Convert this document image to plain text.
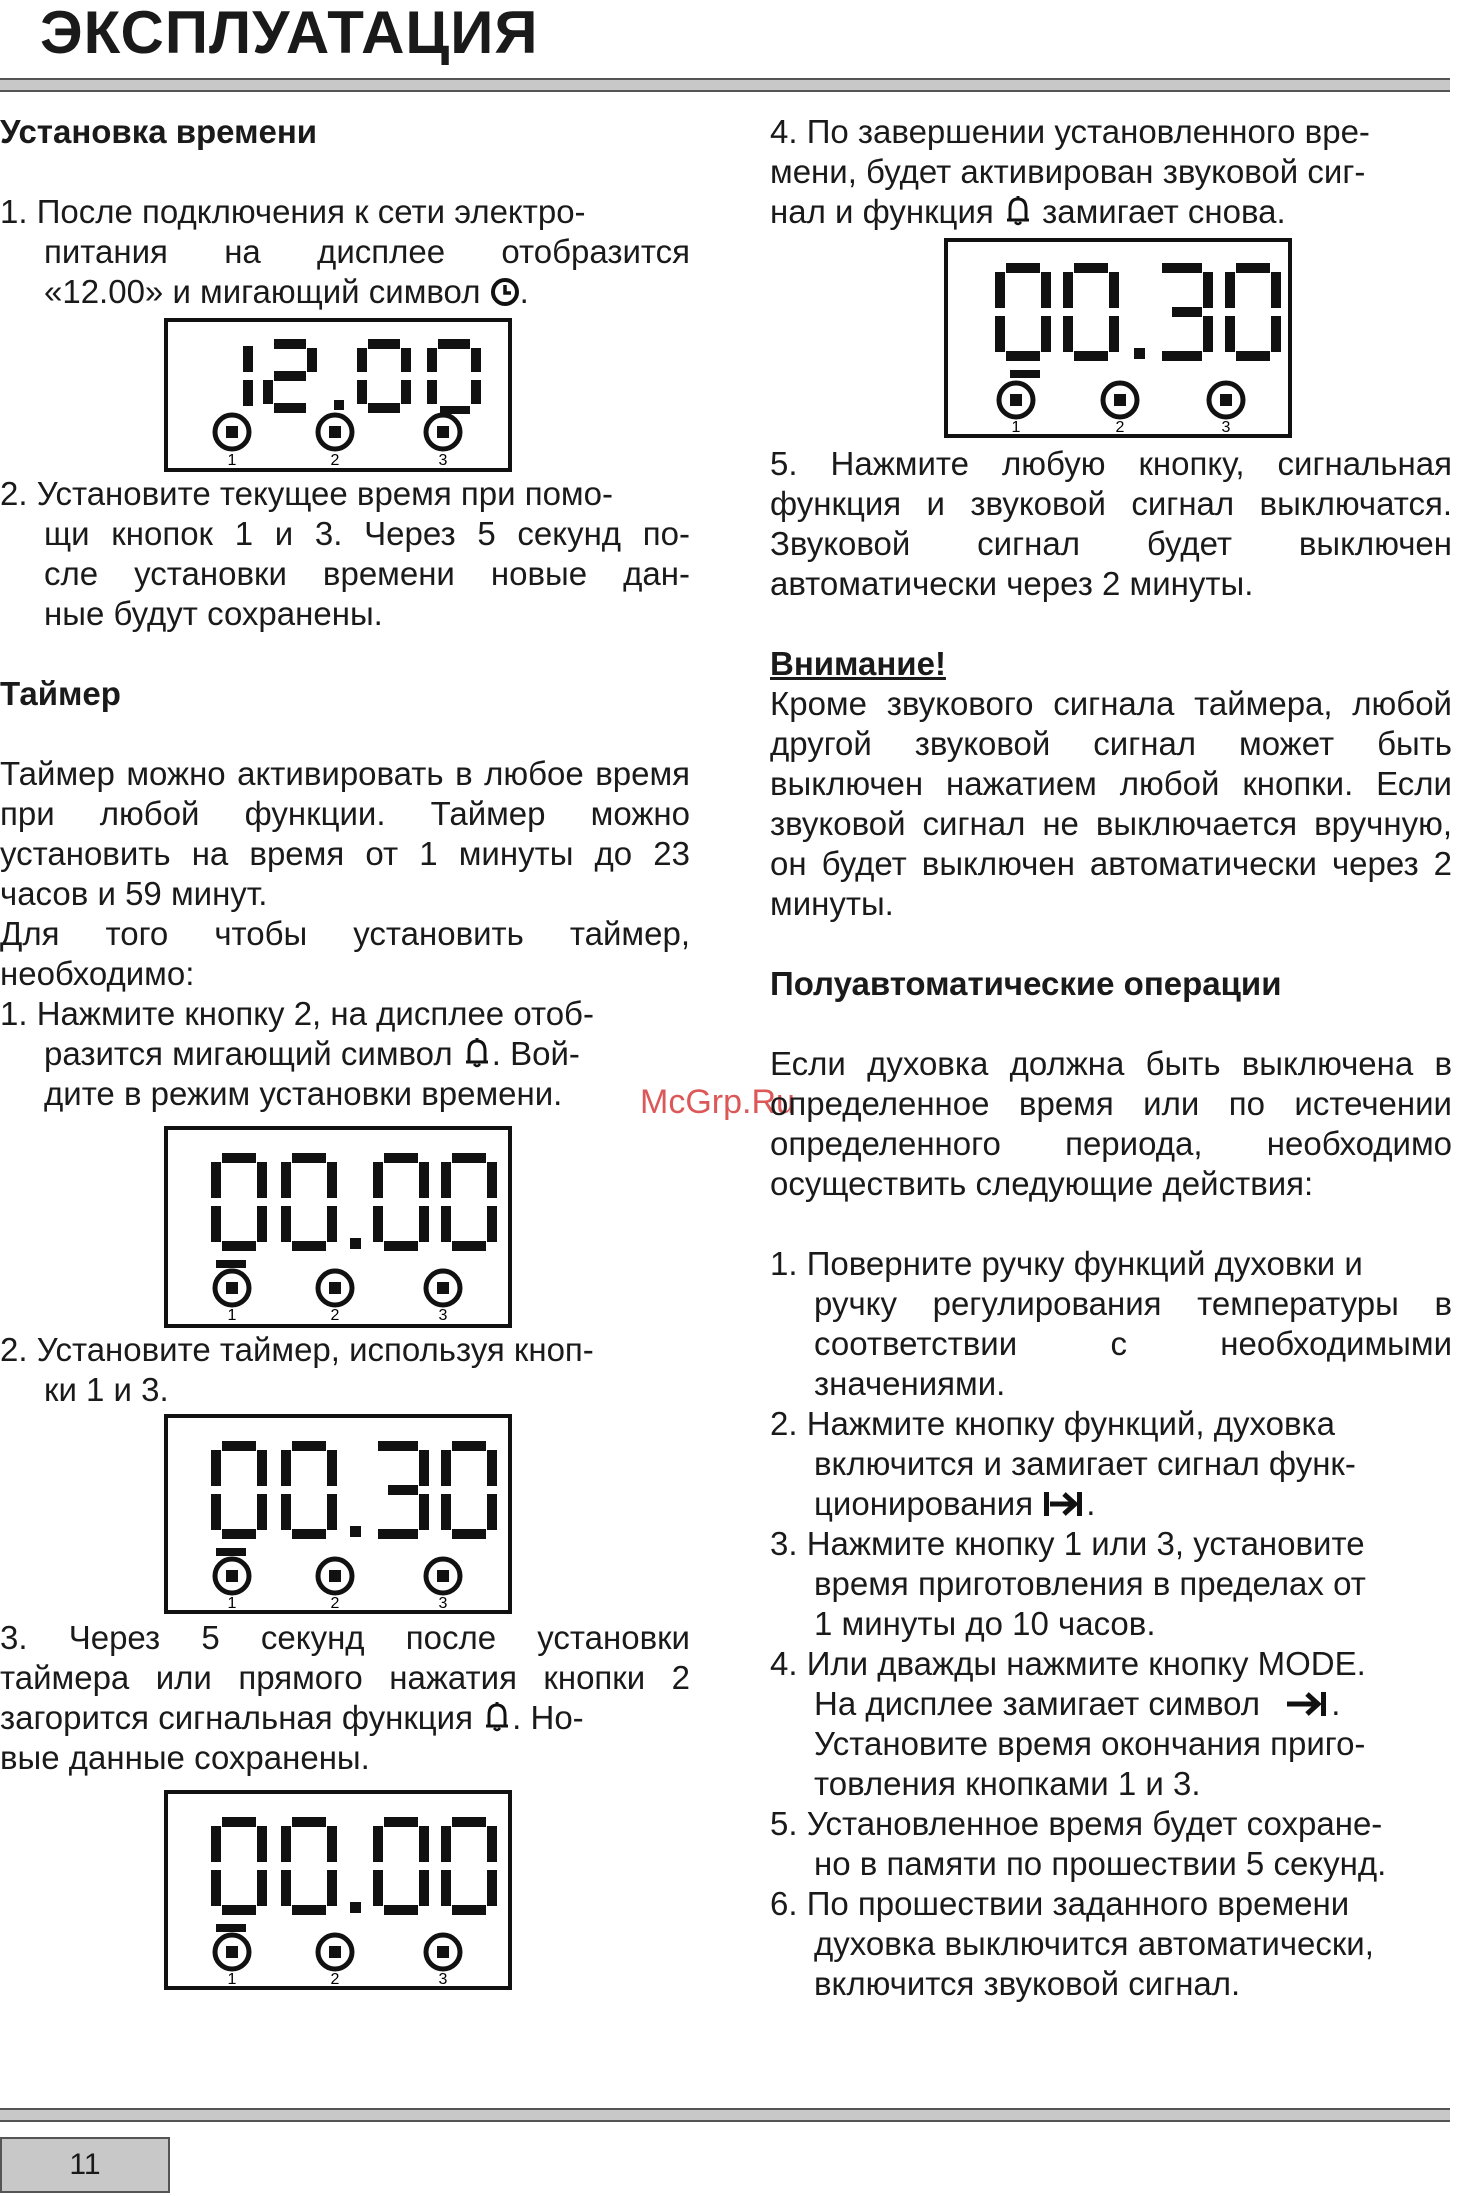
ЭКСПЛУАТАЦИЯ
McGrp.Ru

Установка времени

1. После подключения к сети электро-

питания на дисплее отобразится

«12.00» и мигающий символ .

1	2	3
12.00

2. Установите текущее время при помо-

щи кнопок 1 и 3. Через 5 секунд по-

сле установки времени новые дан-

ные будут сохранены.

Таймер

Таймер можно активировать в любое время при любой функции. Таймер можно установить на время от 1 минуты до 23 часов и 59 минут.

Для того чтобы установить таймер, необходимо:

1. Нажмите кнопку 2, на дисплее отоб-

разится мигающий символ . Вой-

дите в режим установки времени.

1	2	3
00.00

2. Установите таймер, используя кноп-

ки 1 и 3.

1	2	3
00.30

3. Через 5 секунд после установки

таймера или прямого нажатия кнопки 2

загорится сигнальная функция . Но-

вые данные сохранены.

1	2	3
00.00

4. По завершении установленного вре-

мени, будет активирован звуковой сиг-

нал и функция замигает снова.

1	2	3
00.30

5. Нажмите любую кнопку, сигнальная функция и звуковой сигнал выключатся. Звуковой сигнал будет выключен автоматически через 2 минуты.

Внимание!

Кроме звукового сигнала таймера, любой другой звуковой сигнал может быть выключен нажатием любой кнопки. Если звуковой сигнал не выключается вручную, он будет выключен автоматически через 2 минуты.

Полуавтоматические операции

Если духовка должна быть выключена в определенное время или по истечении определенного периода, необходимо осуществить следующие действия:

1. Поверните ручку функций духовки и

ручку регулирования температуры в соответствии с необходимыми значениями.

2. Нажмите кнопку функций, духовка

включится и замигает сигнал функ-

ционирования .

3. Нажмите кнопку 1 или 3, установите

время приготовления в пределах от

1 минуты до 10 часов.

4. Или дважды нажмите кнопку MODE.

На дисплее замигает символ .

Установите время окончания приго-

товления кнопками 1 и 3.

5. Установленное время будет сохране-

но в памяти по прошествии 5 секунд.

6. По прошествии заданного времени

духовка выключится автоматически,

включится звуковой сигнал.

11
